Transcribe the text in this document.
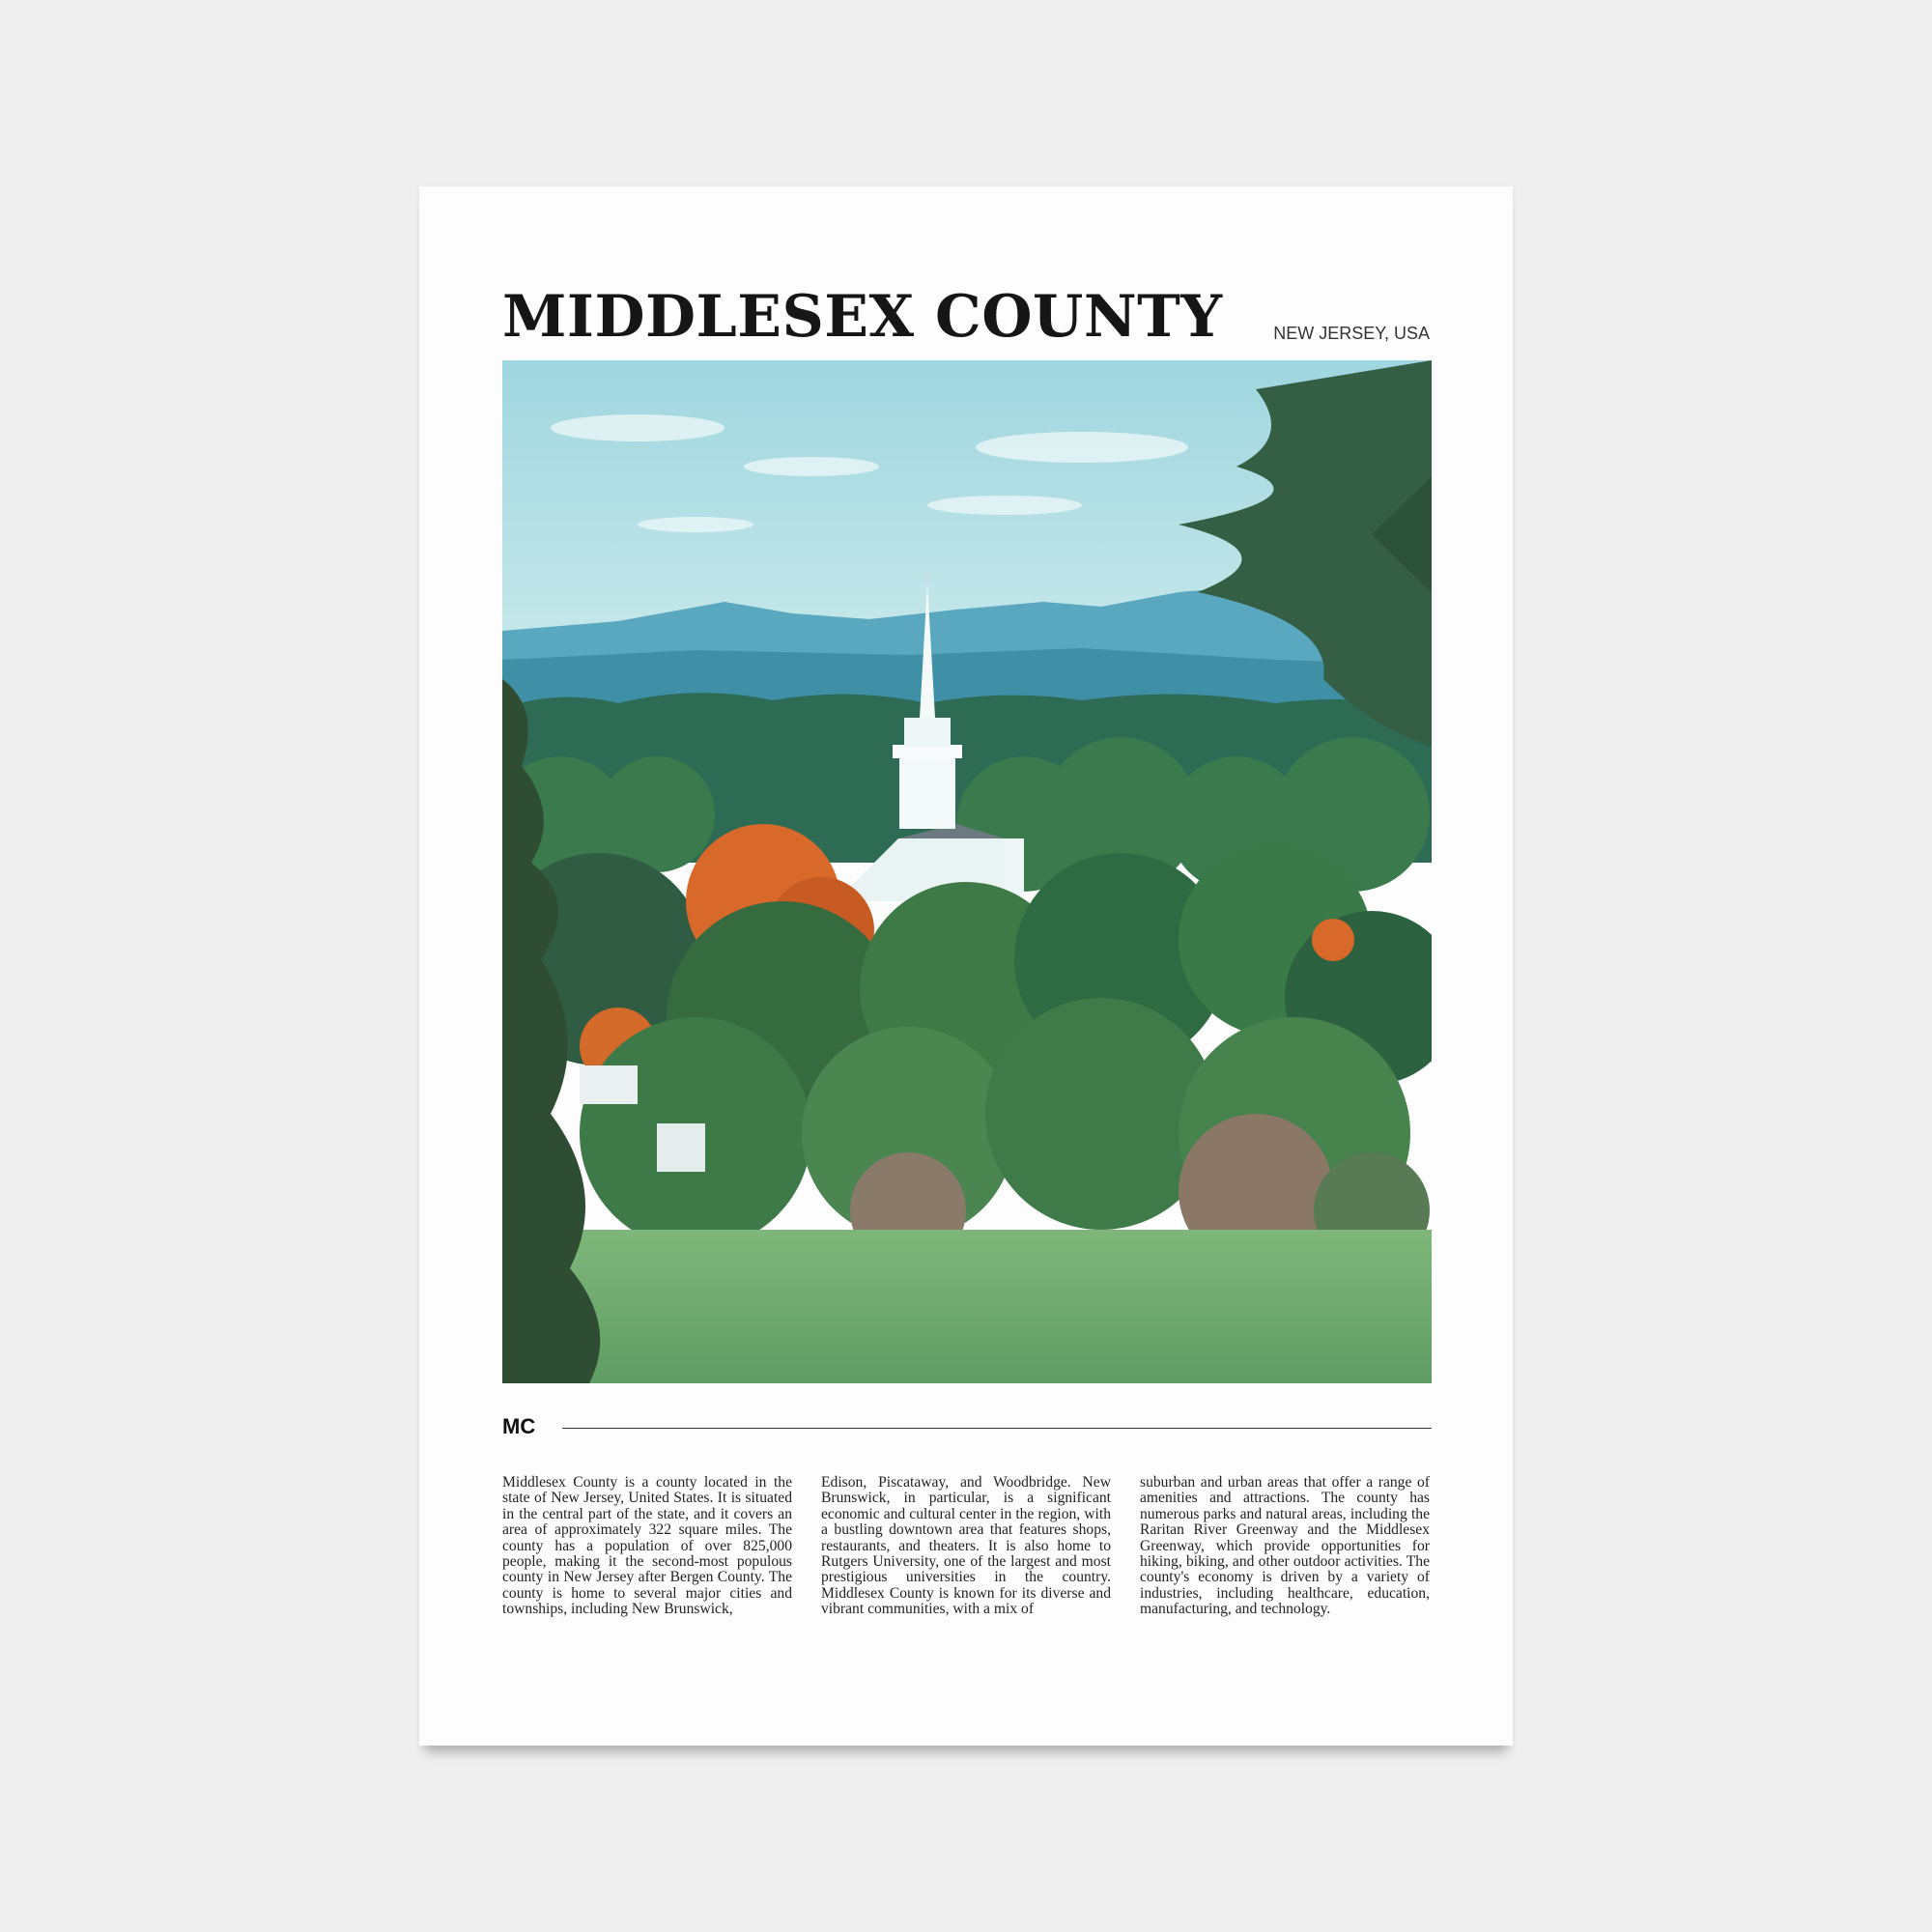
MIDDLESEX COUNTY	NEW JERSEY, USA
MC

Middlesex County is a county located in the state of New Jersey, United States. It is situated in the central part of the state, and it covers an area of approximately 322 square miles. The county has a population of over 825,000 people, making it the second-most populous county in New Jersey after Bergen County. The county is home to several major cities and townships, including New Brunswick,

Edison, Piscataway, and Woodbridge. New Brunswick, in particular, is a significant economic and cultural center in the region, with a bustling downtown area that features shops, restaurants, and theaters. It is also home to Rutgers University, one of the largest and most prestigious universities in the country. Middlesex County is known for its diverse and vibrant communities, with a mix of

suburban and urban areas that offer a range of amenities and attractions. The county has numerous parks and natural areas, including the Raritan River Greenway and the Middlesex Greenway, which provide opportunities for hiking, biking, and other outdoor activities. The county's economy is driven by a variety of industries, including healthcare, education, manufacturing, and technology.
